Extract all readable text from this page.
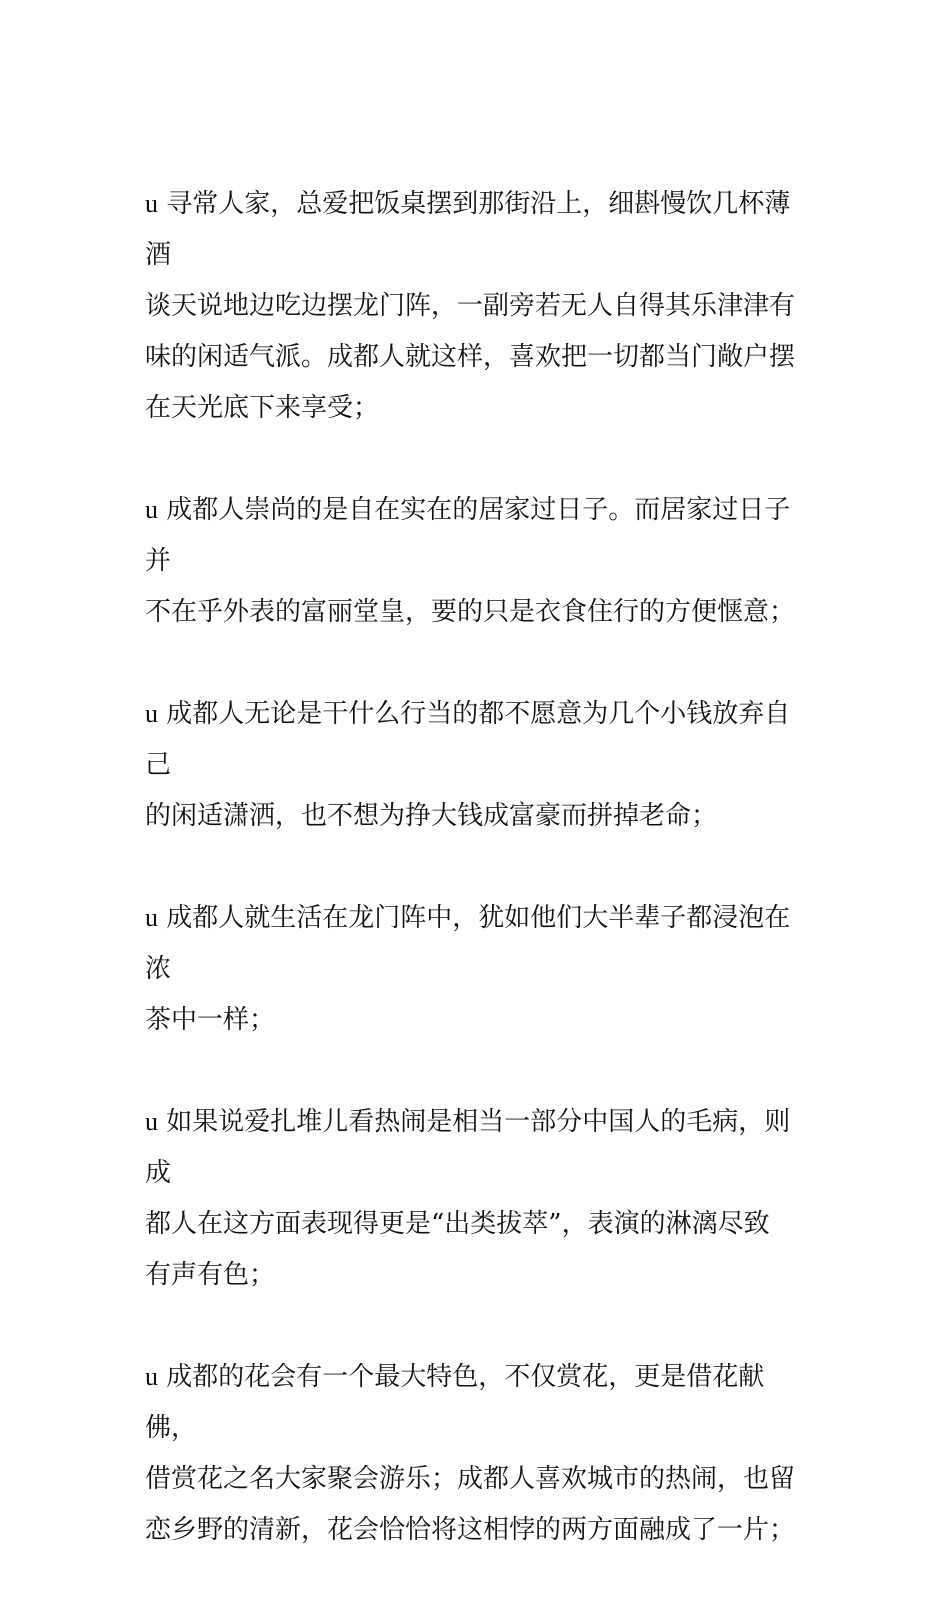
u 寻常人家，总爱把饭桌摆到那街沿上，细斟慢饮几杯薄酒
谈天说地边吃边摆龙门阵，一副旁若无人自得其乐津津有
味的闲适气派。成都人就这样，喜欢把一切都当门敞户摆
在天光底下来享受；

u 成都人崇尚的是自在实在的居家过日子。而居家过日子并
不在乎外表的富丽堂皇，要的只是衣食住行的方便惬意；

u 成都人无论是干什么行当的都不愿意为几个小钱放弃自己
的闲适潇洒，也不想为挣大钱成富豪而拼掉老命；

u 成都人就生活在龙门阵中，犹如他们大半辈子都浸泡在浓
茶中一样；

u 如果说爱扎堆儿看热闹是相当一部分中国人的毛病，则成
都人在这方面表现得更是“出类拔萃”，表演的淋漓尽致
有声有色；

u 成都的花会有一个最大特色，不仅赏花，更是借花献佛，
借赏花之名大家聚会游乐；成都人喜欢城市的热闹，也留
恋乡野的清新，花会恰恰将这相悖的两方面融成了一片；
